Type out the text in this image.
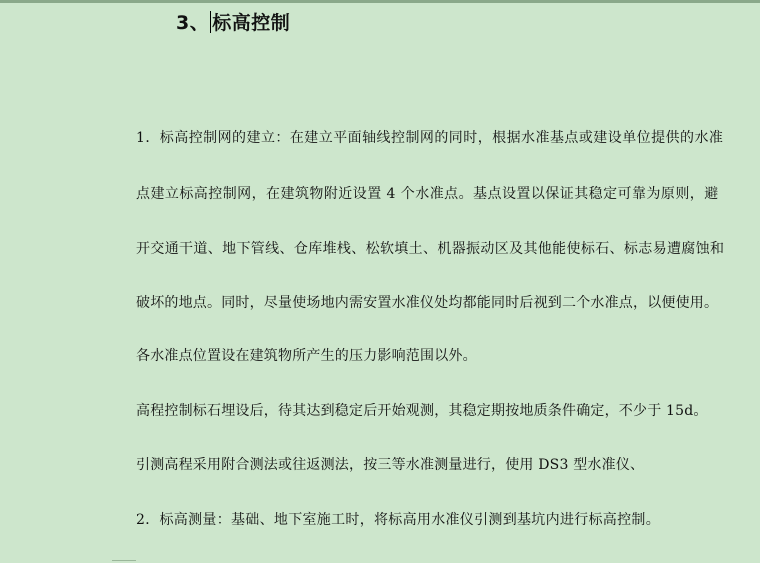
3、 标高控制
1．标高控制网的建立：在建立平面轴线控制网的同时，根据水准基点或建设单位提供的水准
点建立标高控制网，在建筑物附近设置 4 个水准点。基点设置以保证其稳定可靠为原则，避
开交通干道、地下管线、仓库堆栈、松软填土、机器振动区及其他能使标石、标志易遭腐蚀和
破坏的地点。同时，尽量使场地内需安置水准仪处均都能同时后视到二个水准点，以便使用。
各水准点位置设在建筑物所产生的压力影响范围以外。
高程控制标石埋设后，待其达到稳定后开始观测，其稳定期按地质条件确定，不少于 15d。
引测高程采用附合测法或往返测法，按三等水准测量进行，使用 DS3 型水准仪、
2．标高测量：基础、地下室施工时，将标高用水准仪引测到基坑内进行标高控制。
